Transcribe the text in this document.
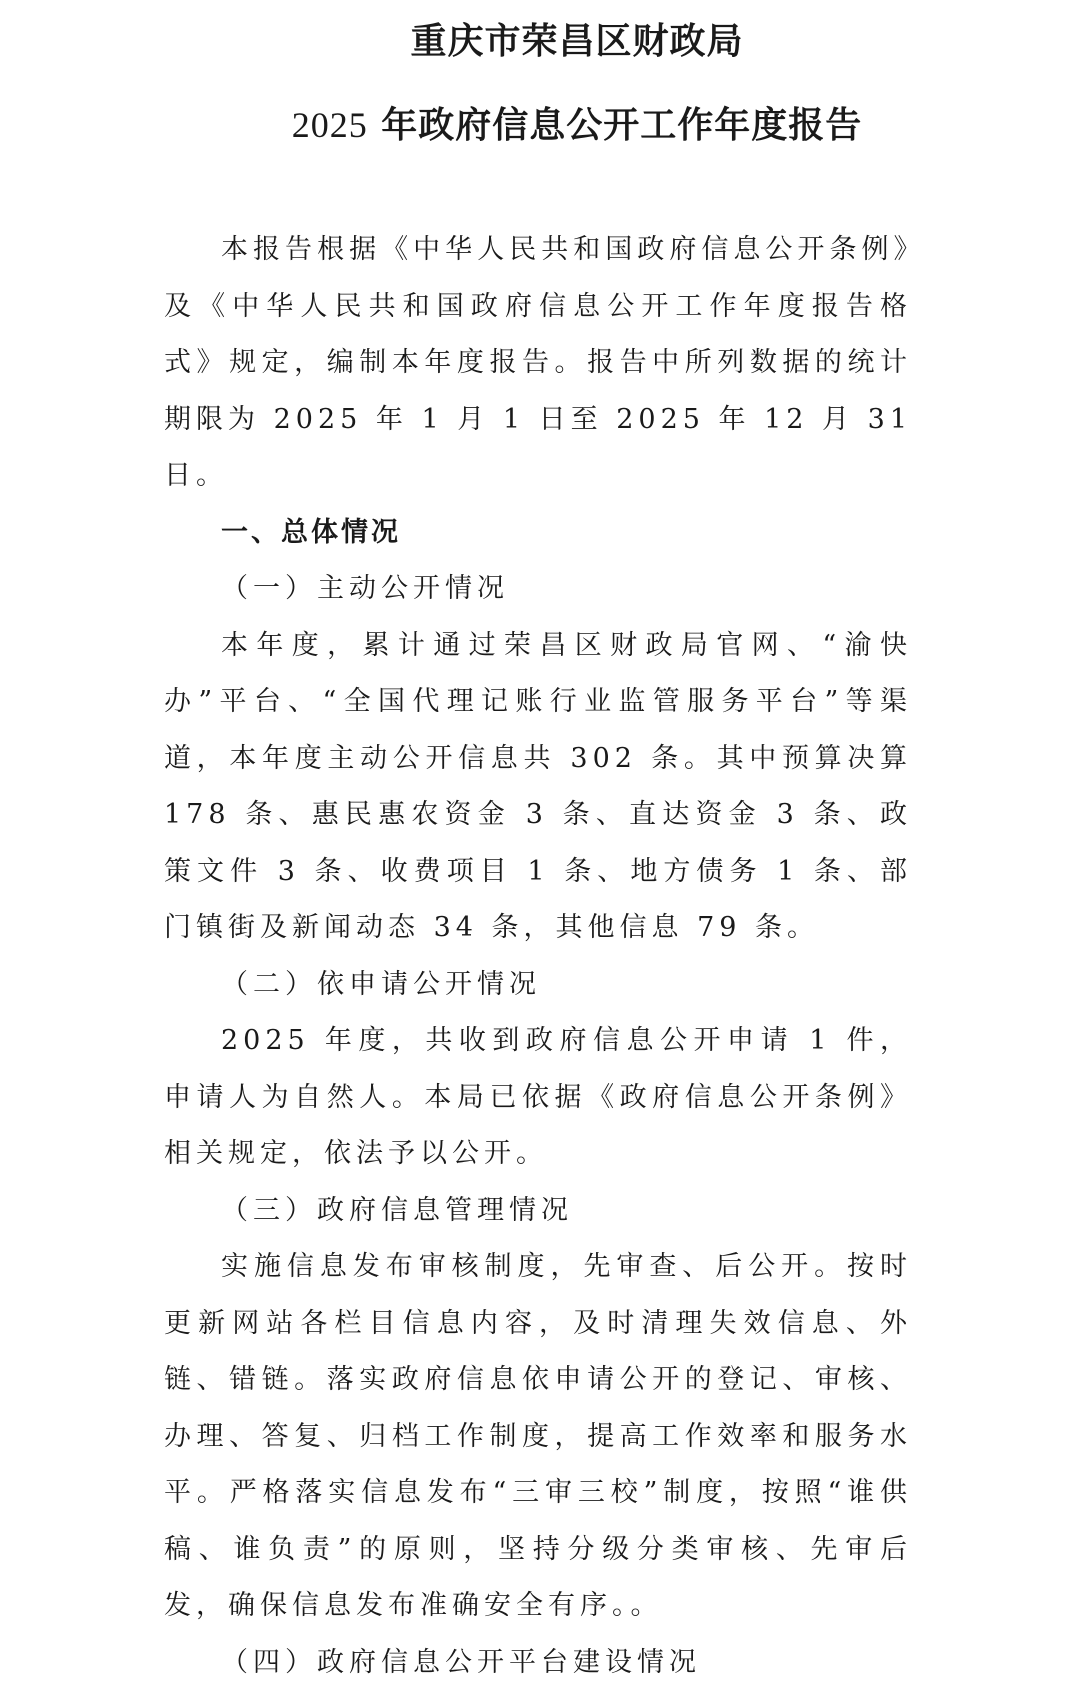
重庆市荣昌区财政局
2025 年政府信息公开工作年度报告

本报告根据《中华人民共和国政府信息公开条例》及《中华人民共和国政府信息公开工作年度报告格式》规定，编制本年度报告。报告中所列数据的统计期限为 2025 年 1 月 1 日至 2025 年 12 月 31 日。

一、总体情况

（一）主动公开情况

本年度，累计通过荣昌区财政局官网、“渝快办”平台、“全国代理记账行业监管服务平台”等渠道，本年度主动公开信息共 302 条。其中预算决算 178 条、惠民惠农资金 3 条、直达资金 3 条、政策文件 3 条、收费项目 1 条、地方债务 1 条、部门镇街及新闻动态 34 条，其他信息 79 条。

（二）依申请公开情况

2025 年度，共收到政府信息公开申请 1 件，申请人为自然人。本局已依据《政府信息公开条例》相关规定，依法予以公开。

（三）政府信息管理情况

实施信息发布审核制度，先审查、后公开。按时更新网站各栏目信息内容，及时清理失效信息、外链、错链。落实政府信息依申请公开的登记、审核、办理、答复、归档工作制度，提高工作效率和服务水平。严格落实信息发布“三审三校”制度，按照“谁供稿、谁负责”的原则，坚持分级分类审核、先审后发，确保信息发布准确安全有序。。

（四）政府信息公开平台建设情况
